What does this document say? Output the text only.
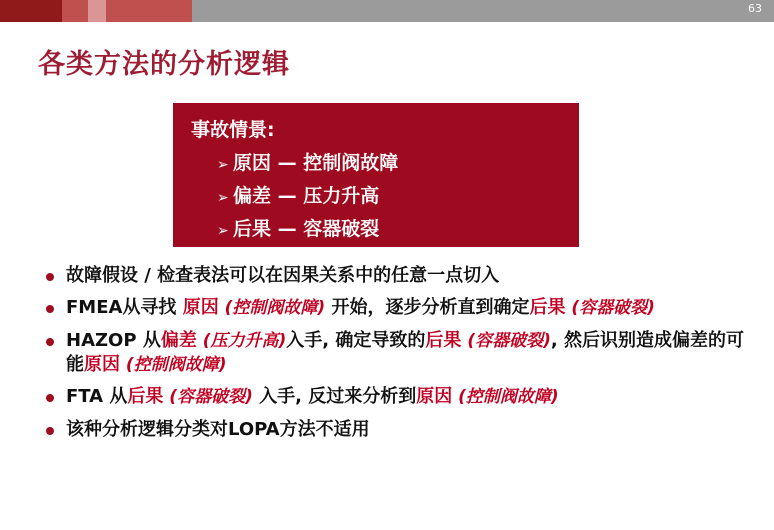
63
各类方法的分析逻辑
事故情景:
➢ 原因 — 控制阀故障
➢ 偏差 — 压力升高
➢ 后果 — 容器破裂
故障假设 / 检查表法可以在因果关系中的任意一点切入
FMEA从寻找 原因 (控制阀故障) 开始，逐步分析直到确定后果 (容器破裂)
HAZOP 从偏差 (压力升高)入手, 确定导致的后果 (容器破裂), 然后识别造成偏差的可能原因 (控制阀故障)
FTA 从后果 (容器破裂) 入手, 反过来分析到原因 (控制阀故障)
该种分析逻辑分类对LOPA方法不适用
